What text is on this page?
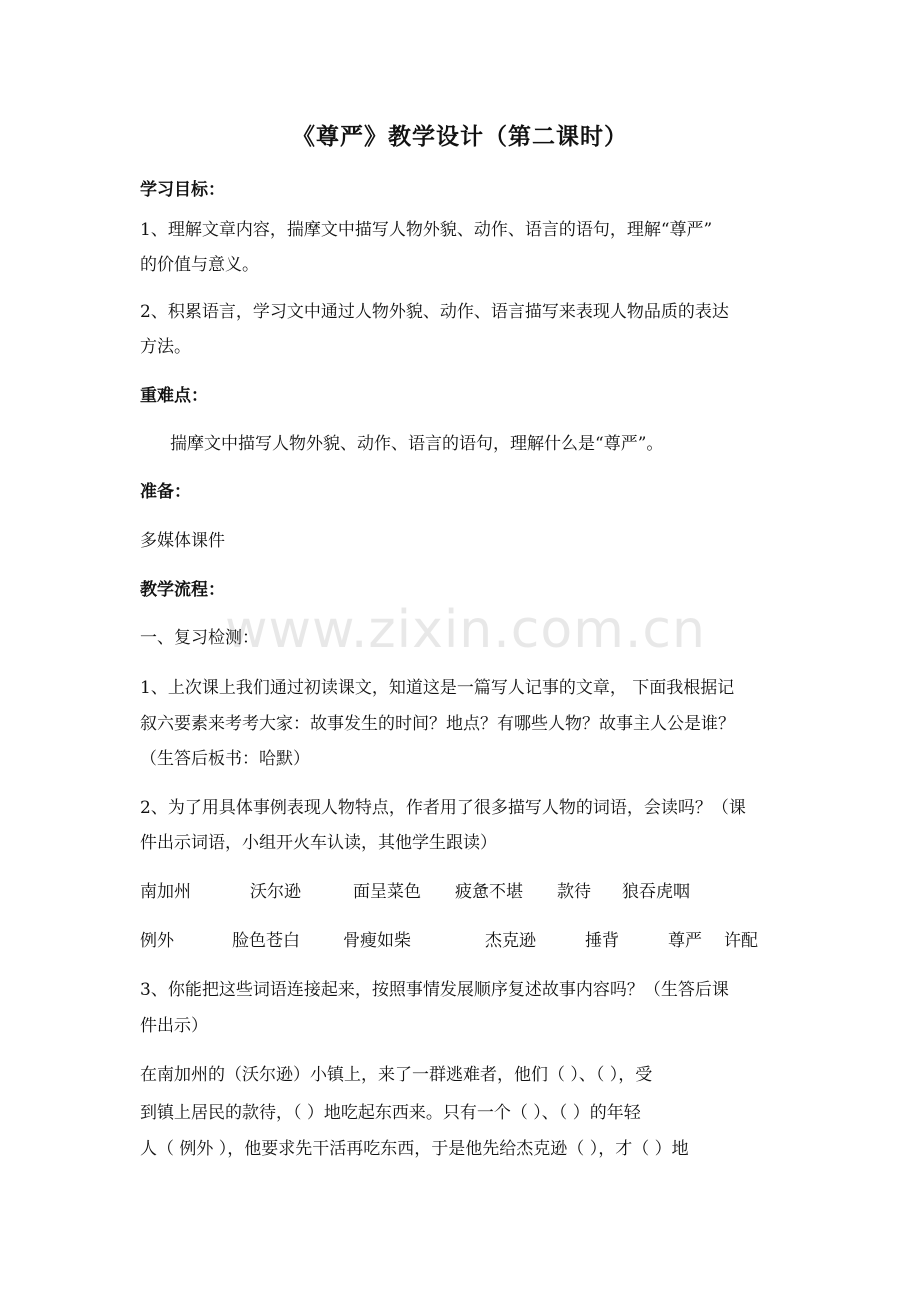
《尊严》教学设计（第二课时）
学习目标：
1、理解文章内容，揣摩文中描写人物外貌、动作、语言的语句，理解“尊严”
的价值与意义。
2、积累语言，学习文中通过人物外貌、动作、语言描写来表现人物品质的表达
方法。
重难点：
揣摩文中描写人物外貌、动作、语言的语句，理解什么是“尊严”。
准备：
多媒体课件
教学流程：
一、复习检测：
1、上次课上我们通过初读课文，知道这是一篇写人记事的文章， 下面我根据记
叙六要素来考考大家：故事发生的时间？地点？有哪些人物？故事主人公是谁？
（生答后板书：哈默）
2、为了用具体事例表现人物特点，作者用了很多描写人物的词语，会读吗？（课
件出示词语，小组开火车认读，其他学生跟读）
南加州	沃尔逊	面呈菜色 疲惫不堪 款待 狼吞虎咽
例外	脸色苍白	骨瘦如柴	杰克逊	捶背	尊严 许配
3、你能把这些词语连接起来，按照事情发展顺序复述故事内容吗？（生答后课
件出示）
在南加州的（沃尔逊）小镇上，来了一群逃难者，他们（ ）、（ ），受
到镇上居民的款待，（ ）地吃起东西来。只有一个（ ）、（ ）的年轻
人（ 例外 ），他要求先干活再吃东西，于是他先给杰克逊（ ），才（ ）地
www.zixin.com.cn
